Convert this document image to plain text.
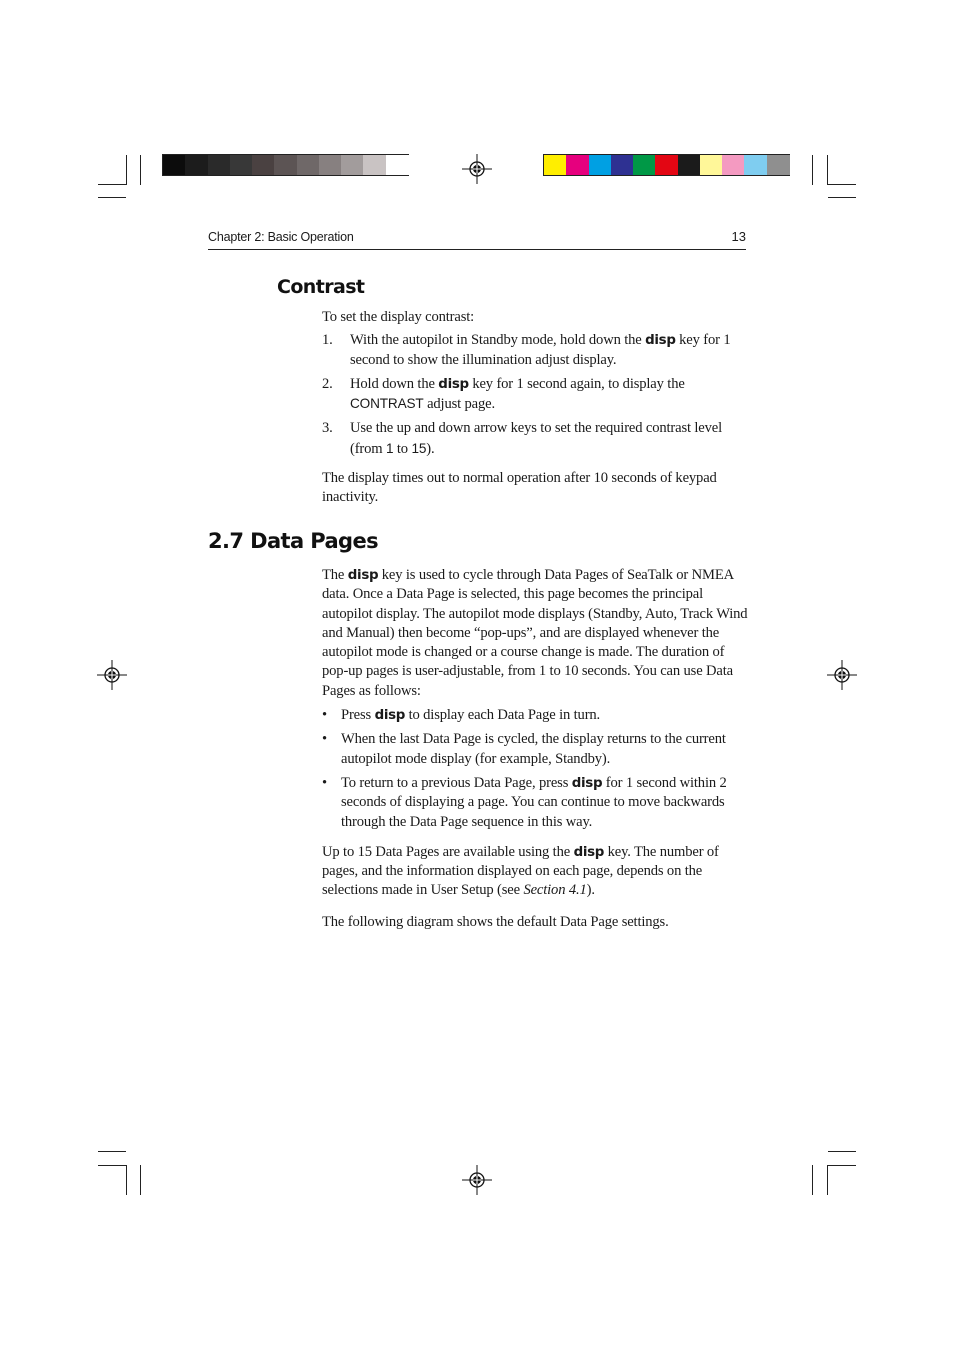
Chapter 2: Basic Operation	13
Contrast

To set the display contrast:

1. With the autopilot in Standby mode, hold down the disp key for 1 second to show the illumination adjust display.
2. Hold down the disp key for 1 second again, to display the CONTRAST adjust page.
3. Use the up and down arrow keys to set the required contrast level (from 1 to 15).

The display times out to normal operation after 10 seconds of keypad inactivity.

2.7 Data Pages

The disp key is used to cycle through Data Pages of SeaTalk or NMEA data. Once a Data Page is selected, this page becomes the principal autopilot display. The autopilot mode displays (Standby, Auto, Track Wind and Manual) then become “pop-ups”, and are displayed whenever the autopilot mode is changed or a course change is made. The duration of pop-up pages is user-adjustable, from 1 to 10 seconds. You can use Data Pages as follows:

• Press disp to display each Data Page in turn.
• When the last Data Page is cycled, the display returns to the current autopilot mode display (for example, Standby).
• To return to a previous Data Page, press disp for 1 second within 2 seconds of displaying a page. You can continue to move backwards through the Data Page sequence in this way.

Up to 15 Data Pages are available using the disp key. The number of pages, and the information displayed on each page, depends on the selections made in User Setup (see Section 4.1).

The following diagram shows the default Data Page settings.
